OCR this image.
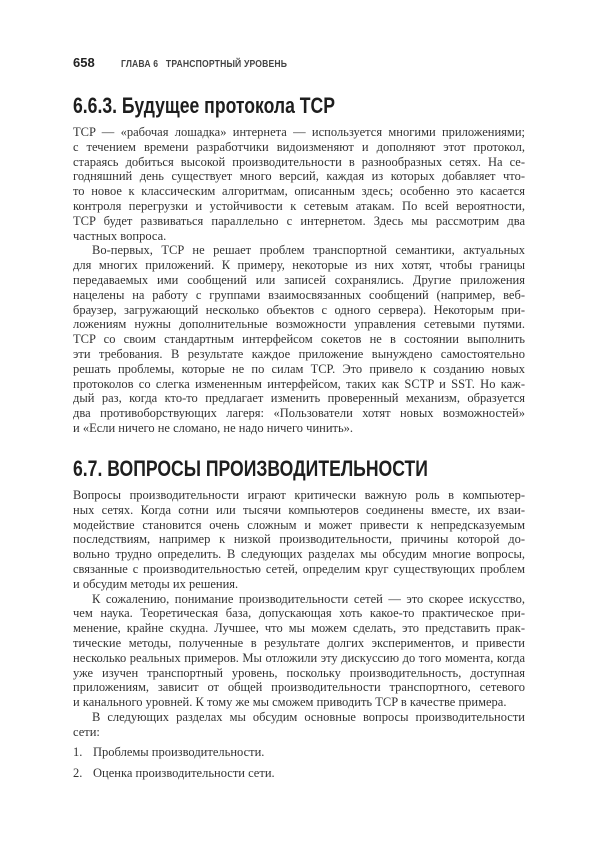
658	ГЛАВА 6   ТРАНСПОРТНЫЙ УРОВЕНЬ
6.6.3. Будущее протокола TCP
TCP — «рабочая лошадка» интернета — используется многими приложениями;
с течением времени разработчики видоизменяют и дополняют этот протокол,
стараясь добиться высокой производительности в разнообразных сетях. На се-
годняшний день существует много версий, каждая из которых добавляет что-
то новое к классическим алгоритмам, описанным здесь; особенно это касается
контроля перегрузки и устойчивости к сетевым атакам. По всей вероятности,
TCP будет развиваться параллельно с интернетом. Здесь мы рассмотрим два
частных вопроса.
Во-первых, TCP не решает проблем транспортной семантики, актуальных
для многих приложений. К примеру, некоторые из них хотят, чтобы границы
передаваемых ими сообщений или записей сохранялись. Другие приложения
нацелены на работу с группами взаимосвязанных сообщений (например, веб-
браузер, загружающий несколько объектов с одного сервера). Некоторым при-
ложениям нужны дополнительные возможности управления сетевыми путями.
TCP со своим стандартным интерфейсом сокетов не в состоянии выполнить
эти требования. В результате каждое приложение вынуждено самостоятельно
решать проблемы, которые не по силам TCP. Это привело к созданию новых
протоколов со слегка измененным интерфейсом, таких как SCTP и SST. Но каж-
дый раз, когда кто-то предлагает изменить проверенный механизм, образуется
два противоборствующих лагеря: «Пользователи хотят новых возможностей»
и «Если ничего не сломано, не надо ничего чинить».
6.7. ВОПРОСЫ ПРОИЗВОДИТЕЛЬНОСТИ
Вопросы производительности играют критически важную роль в компьютер-
ных сетях. Когда сотни или тысячи компьютеров соединены вместе, их взаи-
модействие становится очень сложным и может привести к непредсказуемым
последствиям, например к низкой производительности, причины которой до-
вольно трудно определить. В следующих разделах мы обсудим многие вопросы,
связанные с производительностью сетей, определим круг существующих проблем
и обсудим методы их решения.
К сожалению, понимание производительности сетей — это скорее искусство,
чем наука. Теоретическая база, допускающая хоть какое-то практическое при-
менение, крайне скудна. Лучшее, что мы можем сделать, это представить прак-
тические методы, полученные в результате долгих экспериментов, и привести
несколько реальных примеров. Мы отложили эту дискуссию до того момента, когда
уже изучен транспортный уровень, поскольку производительность, доступная
приложениям, зависит от общей производительности транспортного, сетевого
и канального уровней. К тому же мы сможем приводить TCP в качестве примера.
В следующих разделах мы обсудим основные вопросы производительности
сети:
1. Проблемы производительности.
2. Оценка производительности сети.
